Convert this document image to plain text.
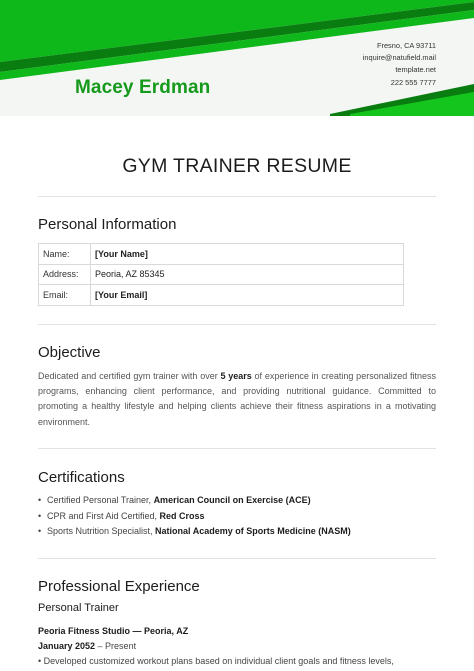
Macey Erdman
Fresno, CA 93711
inquire@natufield.mail
template.net
222 555 7777
GYM TRAINER RESUME
Personal Information
Name:	[Your Name]
Address:	Peoria, AZ 85345
Email:	[Your Email]
Objective
Dedicated and certified gym trainer with over 5 years of experience in creating personalized fitness programs, enhancing client performance, and providing nutritional guidance. Committed to promoting a healthy lifestyle and helping clients achieve their fitness aspirations in a motivating environment.
Certifications
• Certified Personal Trainer, American Council on Exercise (ACE)
• CPR and First Aid Certified, Red Cross
• Sports Nutrition Specialist, National Academy of Sports Medicine (NASM)
Professional Experience
Personal Trainer
Peoria Fitness Studio — Peoria, AZ
January 2052 – Present
• Developed customized workout plans based on individual client goals and fitness levels,
